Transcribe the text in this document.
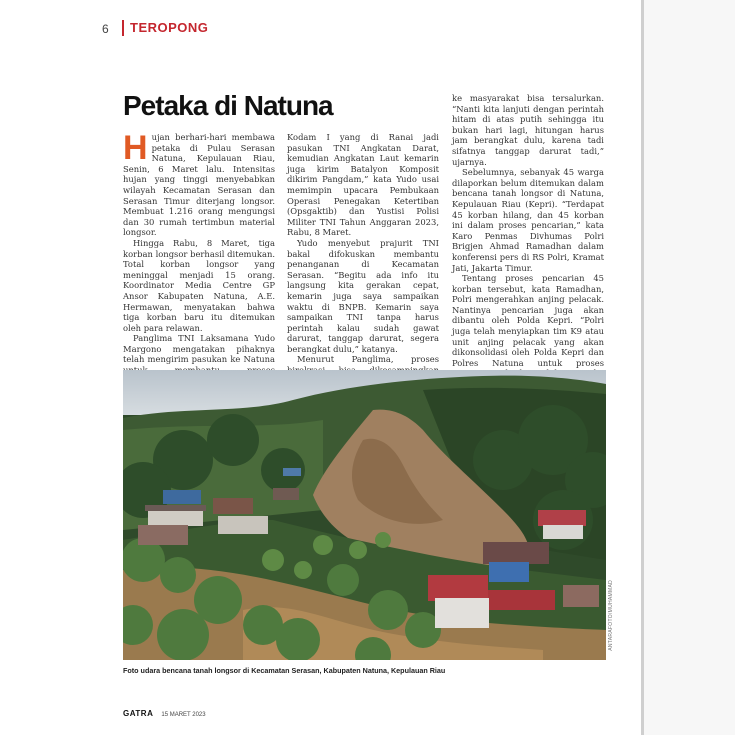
6 TEROPONG
Petaka di Natuna

Hujan berhari-hari membawa petaka di Pulau Serasan Natuna, Kepulauan Riau, Senin, 6 Maret lalu. Intensitas hujan yang tinggi menyebabkan wilayah Kecamatan Serasan dan Serasan Timur diterjang longsor. Membuat 1.216 orang mengungsi dan 30 rumah tertimbun material longsor.

Hingga Rabu, 8 Maret, tiga korban longsor berhasil ditemukan. Total korban longsor yang meninggal menjadi 15 orang. Koordinator Media Centre GP Ansor Kabupaten Natuna, A.E. Hermawan, menyatakan bahwa tiga korban baru itu ditemukan oleh para relawan.

Panglima TNI Laksamana Yudo Margono mengatakan pihaknya telah mengirim pasukan ke Natuna

Kodam I yang di Ranai jadi pasukan TNI Angkatan Darat, kemudian Angkatan Laut kemarin juga kirim Batalyon Komposit dikirim Pangdam,” kata Yudo usai memimpin upacara Pembukaan Operasi Penegakan Ketertiban (Opsgaktib) dan Yustisi Polisi Militer TNI Tahun Anggaran 2023, Rabu, 8 Maret.

Yudo menyebut prajurit TNI bakal difokuskan membantu penanganan di Kecamatan Serasan. “Begitu ada info itu langsung kita gerakan cepat, kemarin juga saya sampaikan waktu di BNPB. Kemarin saya sampaikan TNI tanpa harus perintah kalau sudah gawat darurat, tanggap darurat, segera berangkat dulu,” katanya.

Menurut Panglima, proses

ke masyarakat bisa tersalurkan. “Nanti kita lanjuti dengan perintah hitam di atas putih sehingga itu bukan hari lagi, hitungan harus jam berangkat dulu, karena tadi sifatnya tanggap darurat tadi,” ujarnya.

Sebelumnya, sebanyak 45 warga dilaporkan belum ditemukan dalam bencana tanah longsor di Natuna, Kepulauan Riau (Kepri). “Terdapat 45 korban hilang, dan 45 korban ini dalam proses pencarian,” kata Karo Penmas Divhumas Polri Brigjen Ahmad Ramadhan dalam konferensi pers di RS Polri, Kramat Jati, Jakarta Timur.

Tentang proses pencarian 45 korban tersebut, kata Ramadhan, Polri mengerahkan anjing pelacak. Nantinya pencarian juga akan dibantu oleh Polda Kepri. “Polri juga telah menyiapkan tim K9 atau unit anjing pelacak yang akan dikonsolidasi oleh Polda Kepri dan Polres Natuna untuk proses

ANTARAFOTO/MUHAMMAD
Foto udara bencana tanah longsor di Kecamatan Serasan, Kabupaten Natuna, Kepulauan Riau
GATRA 15 MARET 2023
